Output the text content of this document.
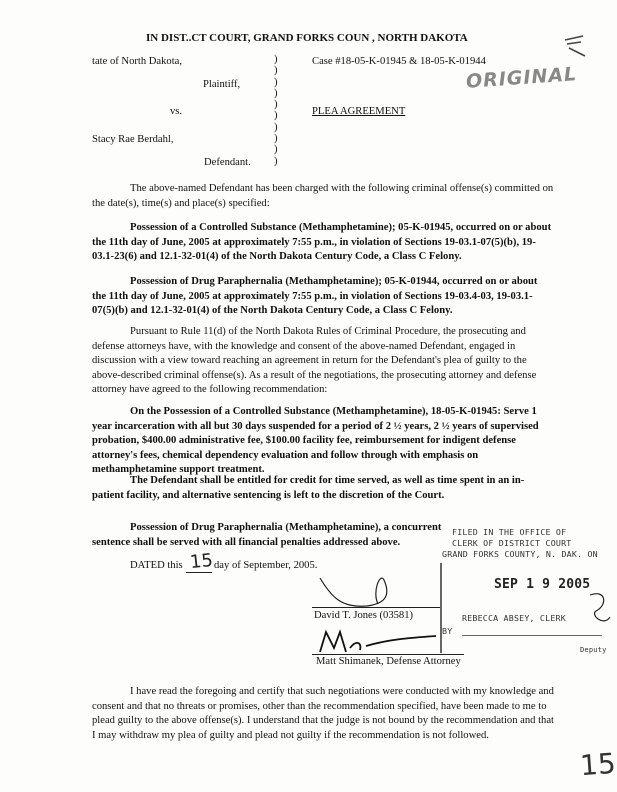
IN DIST..CT COURT, GRAND FORKS COUN , NORTH DAKOTA
tate of North Dakota,
Plaintiff,
vs.
Stacy Rae Berdahl,
Defendant.
)
)
)
)
)
)
)
)
)
)
Case #18-05-K-01945 & 18-05-K-01944
ORIGINAL
PLEA AGREEMENT
The above-named Defendant has been charged with the following criminal offense(s) committed on the date(s), time(s) and place(s) specified:
Possession of a Controlled Substance (Methamphetamine); 05-K-01945, occurred on or about the 11th day of June, 2005 at approximately 7:55 p.m., in violation of Sections 19-03.1-07(5)(b), 19-03.1-23(6) and 12.1-32-01(4) of the North Dakota Century Code, a Class C Felony.
Possession of Drug Paraphernalia (Methamphetamine); 05-K-01944, occurred on or about the 11th day of June, 2005 at approximately 7:55 p.m., in violation of Sections 19-03.4-03, 19-03.1-07(5)(b) and 12.1-32-01(4) of the North Dakota Century Code, a Class C Felony.
Pursuant to Rule 11(d) of the North Dakota Rules of Criminal Procedure, the prosecuting and defense attorneys have, with the knowledge and consent of the above-named Defendant, engaged in discussion with a view toward reaching an agreement in return for the Defendant's plea of guilty to the above-described criminal offense(s). As a result of the negotiations, the prosecuting attorney and defense attorney have agreed to the following recommendation:
On the Possession of a Controlled Substance (Methamphetamine), 18-05-K-01945: Serve 1 year incarceration with all but 30 days suspended for a period of 2 ½ years, 2 ½ years of supervised probation, $400.00 administrative fee, $100.00 facility fee, reimbursement for indigent defense attorney's fees, chemical dependency evaluation and follow through with emphasis on methamphetamine support treatment.
The Defendant shall be entitled for credit for time served, as well as time spent in an in-patient facility, and alternative sentencing is left to the discretion of the Court.
Possession of Drug Paraphernalia (Methamphetamine), a concurrent sentence shall be served with all financial penalties addressed above.
DATED this 15 day of September, 2005.
David T. Jones (03581)
Matt Shimanek, Defense Attorney
FILED IN THE OFFICE OF
CLERK OF DISTRICT COURT
GRAND FORKS COUNTY, N. DAK. ON
SEP 1 9 2005
REBECCA ABSEY, CLERK
BY
Deputy
I have read the foregoing and certify that such negotiations were conducted with my knowledge and consent and that no threats or promises, other than the recommendation specified, have been made to me to plead guilty to the above offense(s). I understand that the judge is not bound by the recommendation and that I may withdraw my plea of guilty and plead not guilty if the recommendation is not followed.
15
